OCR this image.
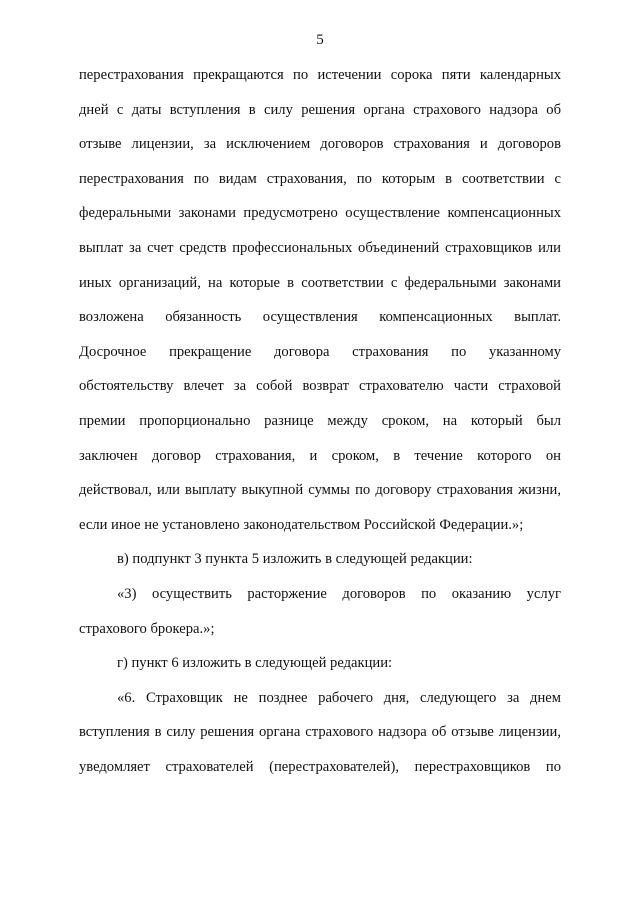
5
перестрахования прекращаются по истечении сорока пяти календарных
дней с даты вступления в силу решения органа страхового надзора об
отзыве лицензии, за исключением договоров страхования и договоров
перестрахования по видам страхования, по которым в соответствии с
федеральными законами предусмотрено осуществление компенсационных
выплат за счет средств профессиональных объединений страховщиков или
иных организаций, на которые в соответствии с федеральными законами
возложена обязанность осуществления компенсационных выплат.
Досрочное прекращение договора страхования по указанному
обстоятельству влечет за собой возврат страхователю части страховой
премии пропорционально разнице между сроком, на который был
заключен договор страхования, и сроком, в течение которого он
действовал, или выплату выкупной суммы по договору страхования жизни,
если иное не установлено законодательством Российской Федерации.»;
в) подпункт 3 пункта 5 изложить в следующей редакции:
«3) осуществить расторжение договоров по оказанию услуг
страхового брокера.»;
г) пункт 6 изложить в следующей редакции:
«6. Страховщик не позднее рабочего дня, следующего за днем
вступления в силу решения органа страхового надзора об отзыве лицензии,
уведомляет страхователей (перестрахователей), перестраховщиков по
